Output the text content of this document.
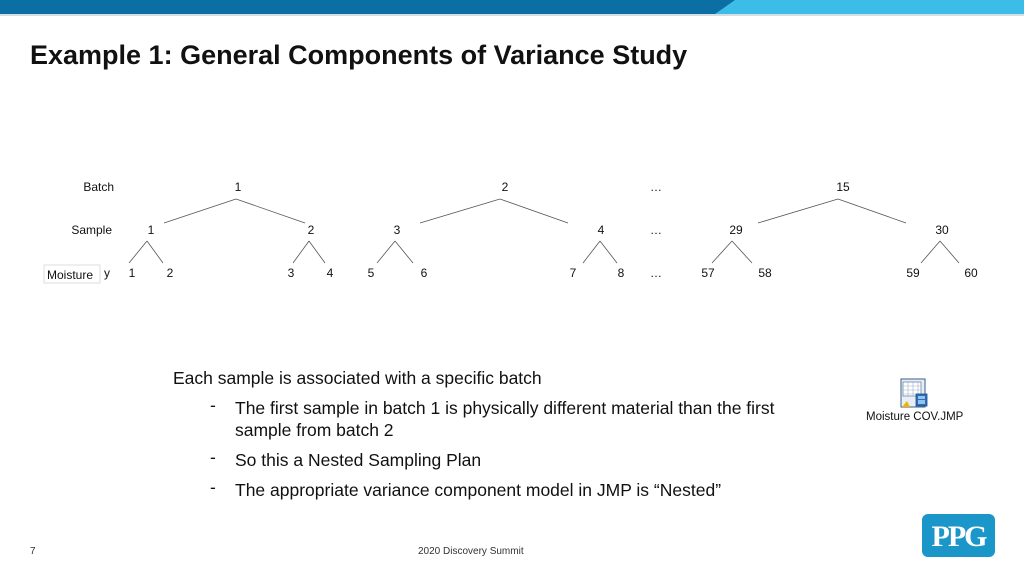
Example 1: General Components of Variance Study
Batch
Sample
Moisture y
1	2	…	15
1	2	3	4	…	29	30
1	2	3	4	5	6	7	8 …	57	58	59	60

Each sample is associated with a specific batch

- The first sample in batch 1 is physically different material than the first sample from batch 2
- So this a Nested Sampling Plan
- The appropriate variance component model in JMP is “Nested”
Moisture COV.JMP
7	2020 Discovery Summit	PPG
